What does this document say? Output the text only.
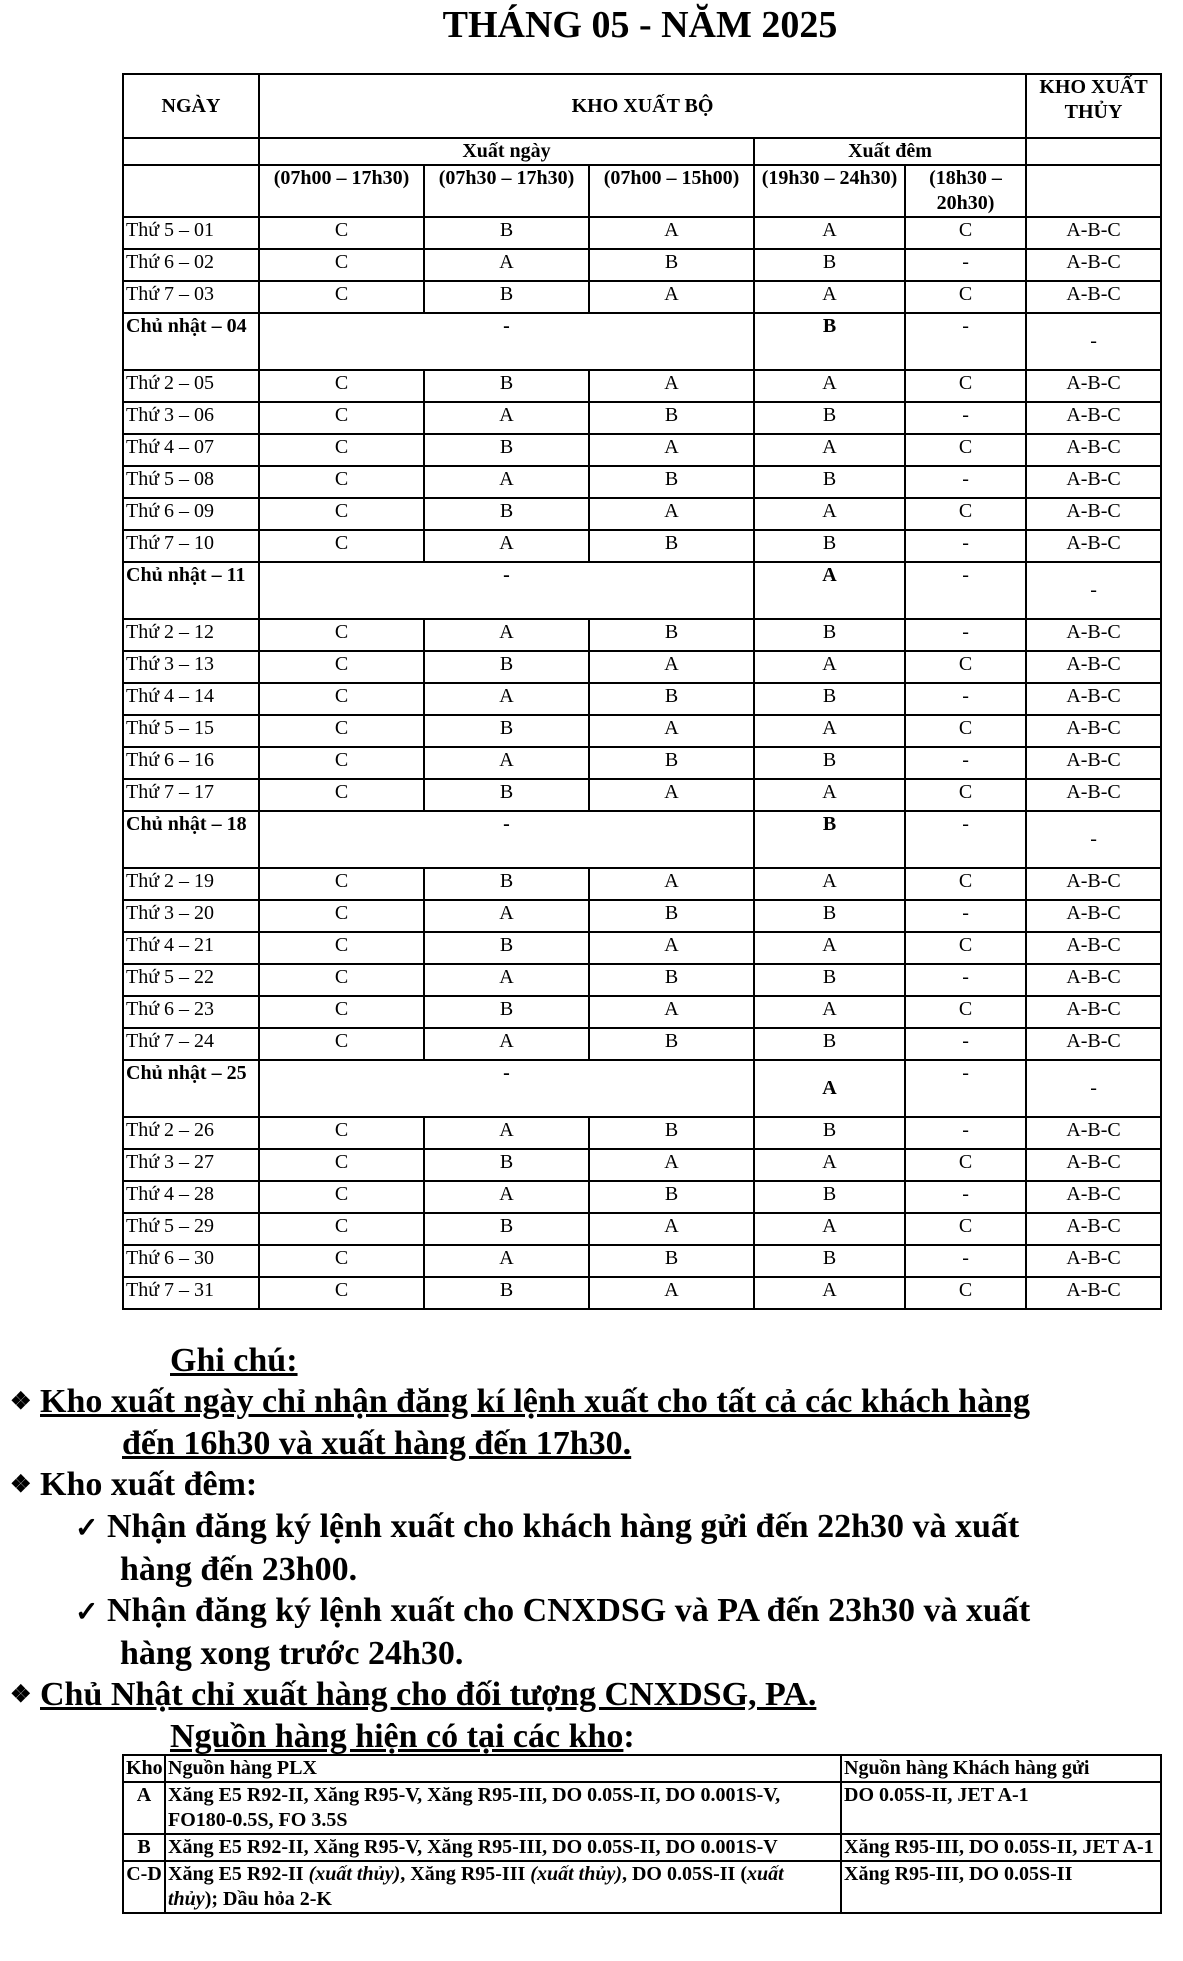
THÁNG 05 - NĂM 2025
NGÀY	KHO XUẤT BỘ					KHO XUẤT THỦY
	Xuất ngày			Xuất đêm		
	(07h00 – 17h30)	(07h30 – 17h30)	(07h00 – 15h00)	(19h30 – 24h30)	(18h30 – 20h30)	
Thứ 5 – 01	C	B	A	A	C	A-B-C
Thứ 6 – 02	C	A	B	B	-	A-B-C
Thứ 7 – 03	C	B	A	A	C	A-B-C
Chủ nhật – 04	-			B	-	-
Thứ 2 – 05	C	B	A	A	C	A-B-C
Thứ 3 – 06	C	A	B	B	-	A-B-C
Thứ 4 – 07	C	B	A	A	C	A-B-C
Thứ 5 – 08	C	A	B	B	-	A-B-C
Thứ 6 – 09	C	B	A	A	C	A-B-C
Thứ 7 – 10	C	A	B	B	-	A-B-C
Chủ nhật – 11	-			A	-	-
Thứ 2 – 12	C	A	B	B	-	A-B-C
Thứ 3 – 13	C	B	A	A	C	A-B-C
Thứ 4 – 14	C	A	B	B	-	A-B-C
Thứ 5 – 15	C	B	A	A	C	A-B-C
Thứ 6 – 16	C	A	B	B	-	A-B-C
Thứ 7 – 17	C	B	A	A	C	A-B-C
Chủ nhật – 18	-			B	-	-
Thứ 2 – 19	C	B	A	A	C	A-B-C
Thứ 3 – 20	C	A	B	B	-	A-B-C
Thứ 4 – 21	C	B	A	A	C	A-B-C
Thứ 5 – 22	C	A	B	B	-	A-B-C
Thứ 6 – 23	C	B	A	A	C	A-B-C
Thứ 7 – 24	C	A	B	B	-	A-B-C
Chủ nhật – 25	-			A	-	-
Thứ 2 – 26	C	A	B	B	-	A-B-C
Thứ 3 – 27	C	B	A	A	C	A-B-C
Thứ 4 – 28	C	A	B	B	-	A-B-C
Thứ 5 – 29	C	B	A	A	C	A-B-C
Thứ 6 – 30	C	A	B	B	-	A-B-C
Thứ 7 – 31	C	B	A	A	C	A-B-C
Ghi chú:
❖ Kho xuất ngày chỉ nhận đăng kí lệnh xuất cho tất cả các khách hàng
đến 16h30 và xuất hàng đến 17h30.
❖ Kho xuất đêm:
✓ Nhận đăng ký lệnh xuất cho khách hàng gửi đến 22h30 và xuất
hàng đến 23h00.
✓ Nhận đăng ký lệnh xuất cho CNXDSG và PA đến 23h30 và xuất
hàng xong trước 24h30.
❖ Chủ Nhật chỉ xuất hàng cho đối tượng CNXDSG, PA.
Nguồn hàng hiện có tại các kho:
Kho	Nguồn hàng PLX	Nguồn hàng Khách hàng gửi
A	Xăng E5 R92-II, Xăng R95-V, Xăng R95-III, DO 0.05S-II, DO 0.001S-V, FO180-0.5S, FO 3.5S	DO 0.05S-II, JET A-1
B	Xăng E5 R92-II, Xăng R95-V, Xăng R95-III, DO 0.05S-II, DO 0.001S-V	Xăng R95-III, DO 0.05S-II, JET A-1
C-D	Xăng E5 R92-II (xuất thủy), Xăng R95-III (xuất thủy), DO 0.05S-II (xuất thủy); Dầu hỏa 2-K	Xăng R95-III, DO 0.05S-II
